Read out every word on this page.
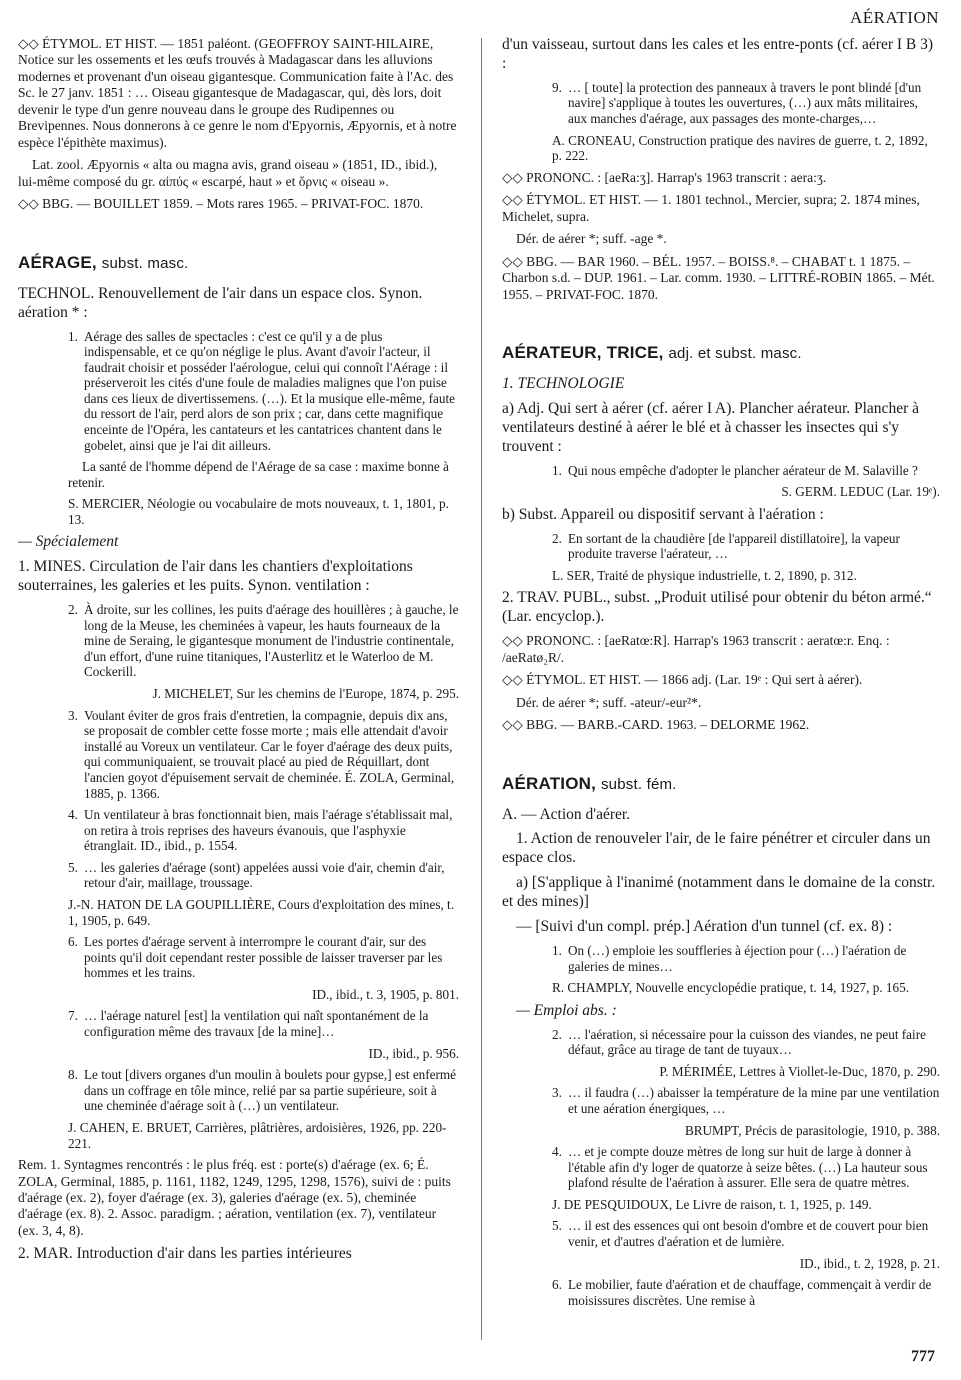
AÉRATION

◇◇ ÉTYMOL. ET HIST. — 1851 paléont. (GEOFFROY SAINT-HILAIRE, Notice sur les ossements et les œufs trouvés à Madagascar dans les alluvions modernes et provenant d'un oiseau gigantesque. Communication faite à l'Ac. des Sc. le 27 janv. 1851 : … Oiseau gigantesque de Madagascar, qui, dès lors, doit devenir le type d'un genre nouveau dans le groupe des Rudipennes ou Brevipennes. Nous donnerons à ce genre le nom d'Epyornis, Æpyornis, et à notre espèce l'épithète maximus).

Lat. zool. Æpyornis « alta ou magna avis, grand oiseau » (1851, ID., ibid.), lui-même composé du gr. αἰπύς « escarpé, haut » et ὄρνις « oiseau ».

◇◇ BBG. — BOUILLET 1859. – Mots rares 1965. – PRIVAT-FOC. 1870.

AÉRAGE, subst. masc.

TECHNOL. Renouvellement de l'air dans un espace clos. Synon. aération * :

1. Aérage des salles de spectacles : c'est ce qu'il y a de plus indispensable, et ce qu'on néglige le plus. Avant d'avoir l'acteur, il faudrait choisir et posséder l'aérologue, celui qui connoît l'Aérage : il préserveroit les cités d'une foule de maladies malignes que l'on puise dans ces lieux de divertissemens. (…). Et la musique elle-même, faute du ressort de l'air, perd alors de son prix ; car, dans cette magnifique enceinte de l'Opéra, les cantateurs et les cantatrices chantent dans le gobelet, ainsi que je l'ai dit ailleurs.

La santé de l'homme dépend de l'Aérage de sa case : maxime bonne à retenir.

S. MERCIER, Néologie ou vocabulaire de mots nouveaux, t. 1, 1801, p. 13.

— Spécialement

1. MINES. Circulation de l'air dans les chantiers d'exploitations souterraines, les galeries et les puits. Synon. ventilation :

2. À droite, sur les collines, les puits d'aérage des houillères ; à gauche, le long de la Meuse, les cheminées à vapeur, les hauts fourneaux de la mine de Seraing, le gigantesque monument de l'industrie continentale, d'un effort, d'une ruine titaniques, l'Austerlitz et le Waterloo de M. Cockerill.

J. MICHELET, Sur les chemins de l'Europe, 1874, p. 295.

3. Voulant éviter de gros frais d'entretien, la compagnie, depuis dix ans, se proposait de combler cette fosse morte ; mais elle attendait d'avoir installé au Voreux un ventilateur. Car le foyer d'aérage des deux puits, qui communiquaient, se trouvait placé au pied de Réquillart, dont l'ancien goyot d'épuisement servait de cheminée. É. ZOLA, Germinal, 1885, p. 1366.

4. Un ventilateur à bras fonctionnait bien, mais l'aérage s'établissait mal, on retira à trois reprises des haveurs évanouis, que l'asphyxie étranglait. ID., ibid., p. 1554.

5. … les galeries d'aérage (sont) appelées aussi voie d'air, chemin d'air, retour d'air, maillage, troussage.

J.-N. HATON DE LA GOUPILLIÈRE, Cours d'exploitation des mines, t. 1, 1905, p. 649.

6. Les portes d'aérage servent à interrompre le courant d'air, sur des points qu'il doit cependant rester possible de laisser traverser par les hommes et les trains.

ID., ibid., t. 3, 1905, p. 801.

7. … l'aérage naturel [est] la ventilation qui naît spontanément de la configuration même des travaux [de la mine]…

ID., ibid., p. 956.

8. Le tout [divers organes d'un moulin à boulets pour gypse,] est enfermé dans un coffrage en tôle mince, relié par sa partie supérieure, soit à une cheminée d'aérage soit à (…) un ventilateur.

J. CAHEN, E. BRUET, Carrières, plâtrières, ardoisières, 1926, pp. 220-221.

Rem. 1. Syntagmes rencontrés : le plus fréq. est : porte(s) d'aérage (ex. 6; É. ZOLA, Germinal, 1885, p. 1161, 1182, 1249, 1295, 1298, 1576), suivi de : puits d'aérage (ex. 2), foyer d'aérage (ex. 3), galeries d'aérage (ex. 5), cheminée d'aérage (ex. 8). 2. Assoc. paradigm. ; aération, ventilation (ex. 7), ventilateur (ex. 3, 4, 8).

2. MAR. Introduction d'air dans les parties intérieures

d'un vaisseau, surtout dans les cales et les entre-ponts (cf. aérer I B 3) :

9. … [ toute] la protection des panneaux à travers le pont blindé [d'un navire] s'applique à toutes les ouvertures, (…) aux mâts militaires, aux manches d'aérage, aux passages des monte-charges,…

A. CRONEAU, Construction pratique des navires de guerre, t. 2, 1892, p. 222.

◇◇ PRONONC. : [aeRa:ʒ]. Harrap's 1963 transcrit : aera:ʒ.

◇◇ ÉTYMOL. ET HIST. — 1. 1801 technol., Mercier, supra; 2. 1874 mines, Michelet, supra.

Dér. de aérer *; suff. -age *.

◇◇ BBG. — BAR 1960. – BÉL. 1957. – BOISS.⁸. – CHABAT t. 1 1875. – Charbon s.d. – DUP. 1961. – Lar. comm. 1930. – LITTRÉ-ROBIN 1865. – Mét. 1955. – PRIVAT-FOC. 1870.

AÉRATEUR, TRICE, adj. et subst. masc.

1. TECHNOLOGIE

a) Adj. Qui sert à aérer (cf. aérer I A). Plancher aérateur. Plancher à ventilateurs destiné à aérer le blé et à chasser les insectes qui s'y trouvent :

1. Qui nous empêche d'adopter le plancher aérateur de M. Salaville ?

S. GERM. LEDUC (Lar. 19ᵉ).

b) Subst. Appareil ou dispositif servant à l'aération :

2. En sortant de la chaudière [de l'appareil distillatoire], la vapeur produite traverse l'aérateur, …

L. SER, Traité de physique industrielle, t. 2, 1890, p. 312.

2. TRAV. PUBL., subst. „Produit utilisé pour obtenir du béton armé.“ (Lar. encyclop.).

◇◇ PRONONC. : [aeRatœ:R]. Harrap's 1963 transcrit : aeratœ:r. Enq. : /aeRatø₂R/.

◇◇ ÉTYMOL. ET HIST. — 1866 adj. (Lar. 19ᵉ : Qui sert à aérer).

Dér. de aérer *; suff. -ateur/-eur²*.

◇◇ BBG. — BARB.-CARD. 1963. – DELORME 1962.

AÉRATION, subst. fém.

A. — Action d'aérer.

1. Action de renouveler l'air, de le faire pénétrer et circuler dans un espace clos.

a) [S'applique à l'inanimé (notamment dans le domaine de la constr. et des mines)]

— [Suivi d'un compl. prép.] Aération d'un tunnel (cf. ex. 8) :

1. On (…) emploie les souffleries à éjection pour (…) l'aération de galeries de mines…

R. CHAMPLY, Nouvelle encyclopédie pratique, t. 14, 1927, p. 165.

— Emploi abs. :

2. … l'aération, si nécessaire pour la cuisson des viandes, ne peut faire défaut, grâce au tirage de tant de tuyaux…

P. MÉRIMÉE, Lettres à Viollet-le-Duc, 1870, p. 290.

3. … il faudra (…) abaisser la température de la mine par une ventilation et une aération énergiques, …

BRUMPT, Précis de parasitologie, 1910, p. 388.

4. … et je compte douze mètres de long sur huit de large à donner à l'étable afin d'y loger de quatorze à seize bêtes. (…) La hauteur sous plafond résulte de l'aération à assurer. Elle sera de quatre mètres.

J. DE PESQUIDOUX, Le Livre de raison, t. 1, 1925, p. 149.

5. … il est des essences qui ont besoin d'ombre et de couvert pour bien venir, et d'autres d'aération et de lumière.

ID., ibid., t. 2, 1928, p. 21.

6. Le mobilier, faute d'aération et de chauffage, commençait à verdir de moisissures discrètes. Une remise à

777
